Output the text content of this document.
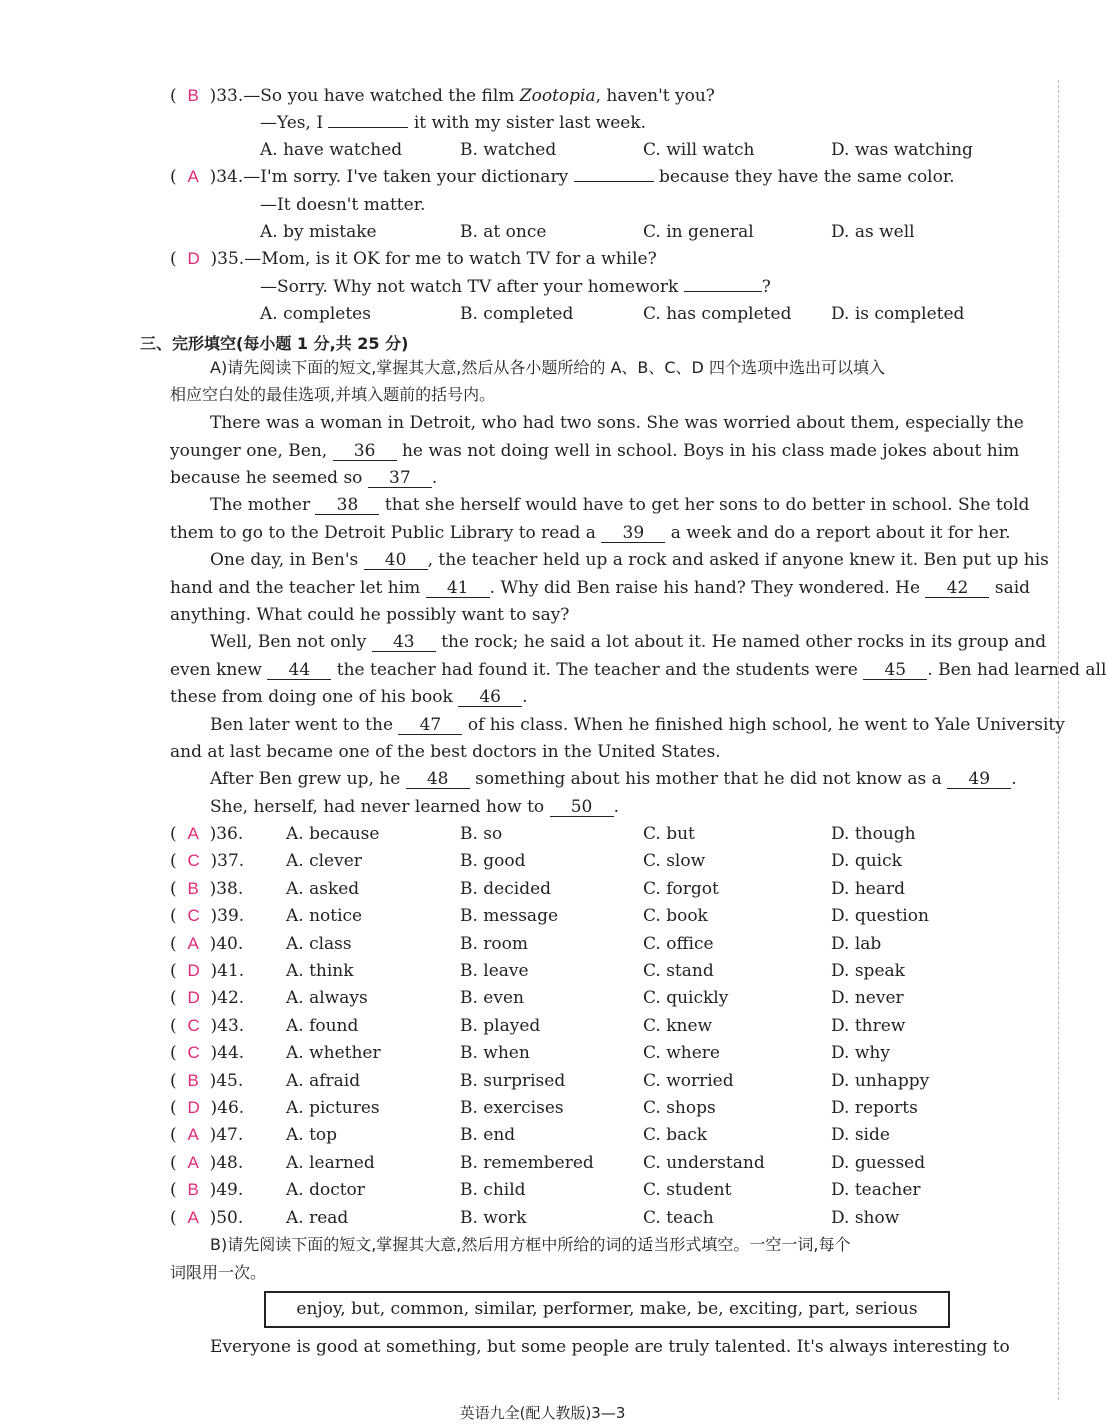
(  B )33.—So you have watched the film Zootopia, haven't you?
—Yes, I	it with my sister last week.
A. have watched	B. watched	C. will watch	D. was watching
(  A )34.—I'm sorry. I've taken your dictionary	because they have the same color.
—It doesn't matter.
A. by mistake	B. at once	C. in general	D. as well
(  D )35.—Mom, is it OK for me to watch TV for a while?
—Sorry. Why not watch TV after your homework	?
A. completes	B. completed	C. has completed D. is completed
三、完形填空(每小题 1 分,共 25 分)
A)请先阅读下面的短文,掌握其大意,然后从各小题所给的 A、B、C、D 四个选项中选出可以填入
相应空白处的最佳选项,并填入题前的括号内。
There was a woman in Detroit, who had two sons. She was worried about them, especially the
younger one, Ben, 36 he was not doing well in school. Boys in his class made jokes about him
because he seemed so 37 .
The mother 38 that she herself would have to get her sons to do better in school. She told
them to go to the Detroit Public Library to read a 39 a week and do a report about it for her.
One day, in Ben's 40 , the teacher held up a rock and asked if anyone knew it. Ben put up his
hand and the teacher let him 41 . Why did Ben raise his hand? They wondered. He 42 said
anything. What could he possibly want to say?
Well, Ben not only 43 the rock; he said a lot about it. He named other rocks in its group and
even knew 44 the teacher had found it. The teacher and the students were 45 . Ben had learned all
these from doing one of his book 46 .
Ben later went to the 47 of his class. When he finished high school, he went to Yale University
and at last became one of the best doctors in the United States.
After Ben grew up, he 48 something about his mother that he did not know as a 49 .
She, herself, had never learned how to 50 .
(  A )36.	A. because	B. so	C. but	D. though
(  C )37.	A. clever	B. good	C. slow	D. quick
(  B )38.	A. asked	B. decided	C. forgot	D. heard
(  C )39.	A. notice	B. message	C. book	D. question
(  A )40.	A. class	B. room	C. office	D. lab
(  D )41.	A. think	B. leave	C. stand	D. speak
(  D )42.	A. always	B. even	C. quickly	D. never
(  C )43.	A. found	B. played	C. knew	D. threw
(  C )44.	A. whether	B. when	C. where	D. why
(  B )45.	A. afraid	B. surprised	C. worried	D. unhappy
(  D )46.	A. pictures	B. exercises	C. shops	D. reports
(  A )47.	A. top	B. end	C. back	D. side
(  A )48.	A. learned	B. remembered	C. understand	D. guessed
(  B )49.	A. doctor	B. child	C. student	D. teacher
(  A )50.	A. read	B. work	C. teach	D. show
B)请先阅读下面的短文,掌握其大意,然后用方框中所给的词的适当形式填空。一空一词,每个
词限用一次。
enjoy, but, common, similar, performer, make, be, exciting, part, serious
Everyone is good at something, but some people are truly talented. It's always interesting to
英语九全(配人教版)3—3
